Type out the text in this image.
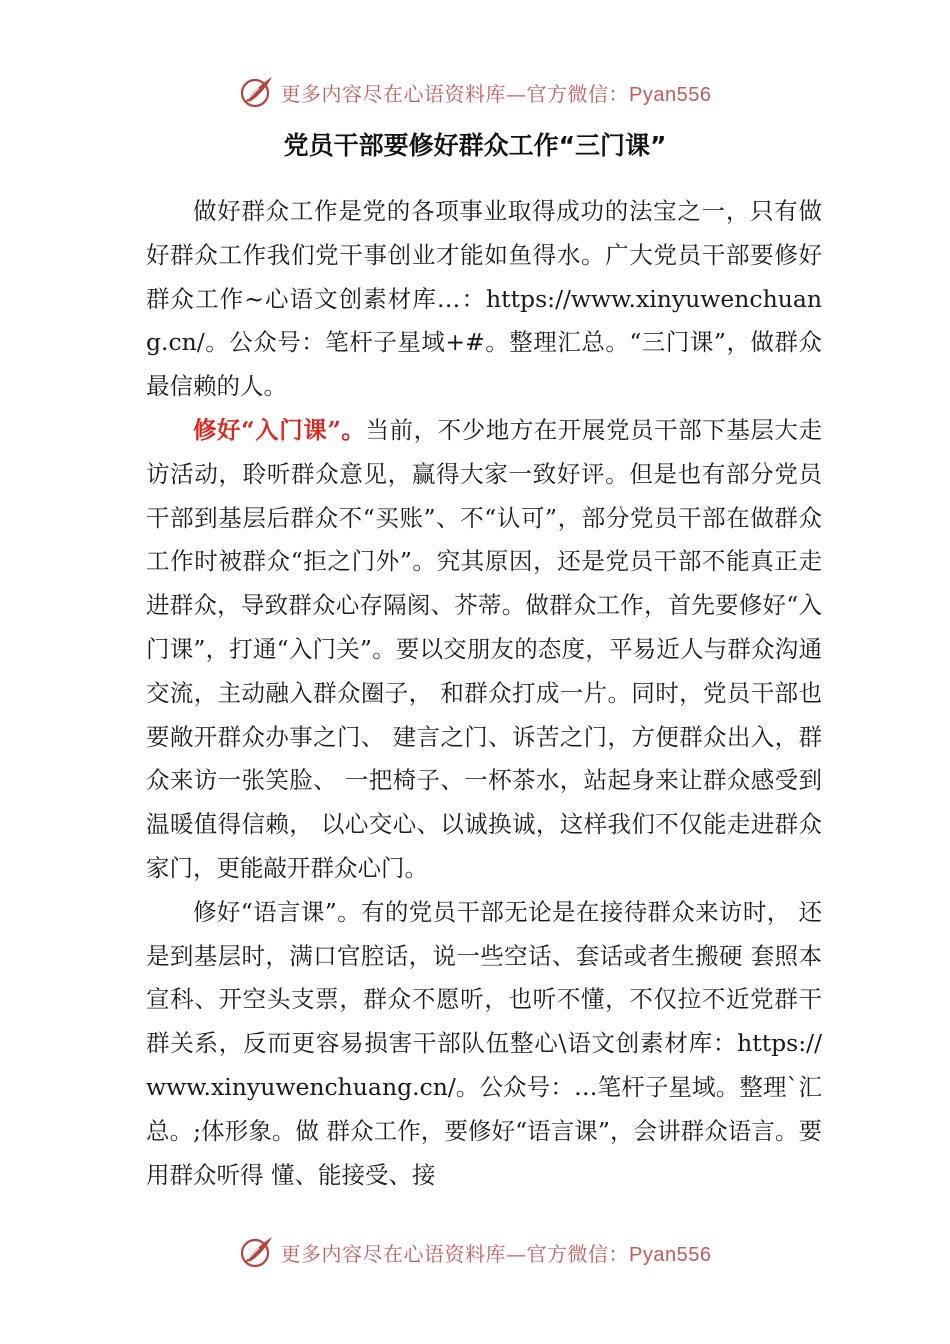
更多内容尽在心语资料库—官方微信：Pyan556
党员干部要修好群众工作“三门课”

做好群众工作是党的各项事业取得成功的法宝之一，只有做好群众工作我们党干事创业才能如鱼得水。广大党员干部要修好群众工作~心语文创素材库…：https://www.xinyuwenchuang.cn/。公众号：笔杆子星域+#。整理汇总。“三门课”，做群众最信赖的人。

修好“入门课”。当前，不少地方在开展党员干部下基层大走访活动，聆听群众意见，赢得大家一致好评。但是也有部分党员干部到基层后群众不“买账”、不“认可”，部分党员干部在做群众工作时被群众“拒之门外”。究其原因，还是党员干部不能真正走进群众，导致群众心存隔阂、芥蒂。做群众工作，首先要修好“入门课”，打通“入门关”。要以交朋友的态度，平易近人与群众沟通交流，主动融入群众圈子， 和群众打成一片。同时，党员干部也要敞开群众办事之门、 建言之门、诉苦之门，方便群众出入，群众来访一张笑脸、 一把椅子、一杯茶水，站起身来让群众感受到温暖值得信赖， 以心交心、以诚换诚，这样我们不仅能走进群众家门，更能敲开群众心门。

修好“语言课”。有的党员干部无论是在接待群众来访时， 还是到基层时，满口官腔话，说一些空话、套话或者生搬硬 套照本宣科、开空头支票，群众不愿听，也听不懂，不仅拉不近党群干群关系，反而更容易损害干部队伍整心\语文创素材库：https://www.xinyuwenchuang.cn/。公众号：…笔杆子星域。整理`汇总。;体形象。做 群众工作，要修好“语言课”，会讲群众语言。要用群众听得 懂、能接受、接

更多内容尽在心语资料库—官方微信：Pyan556
